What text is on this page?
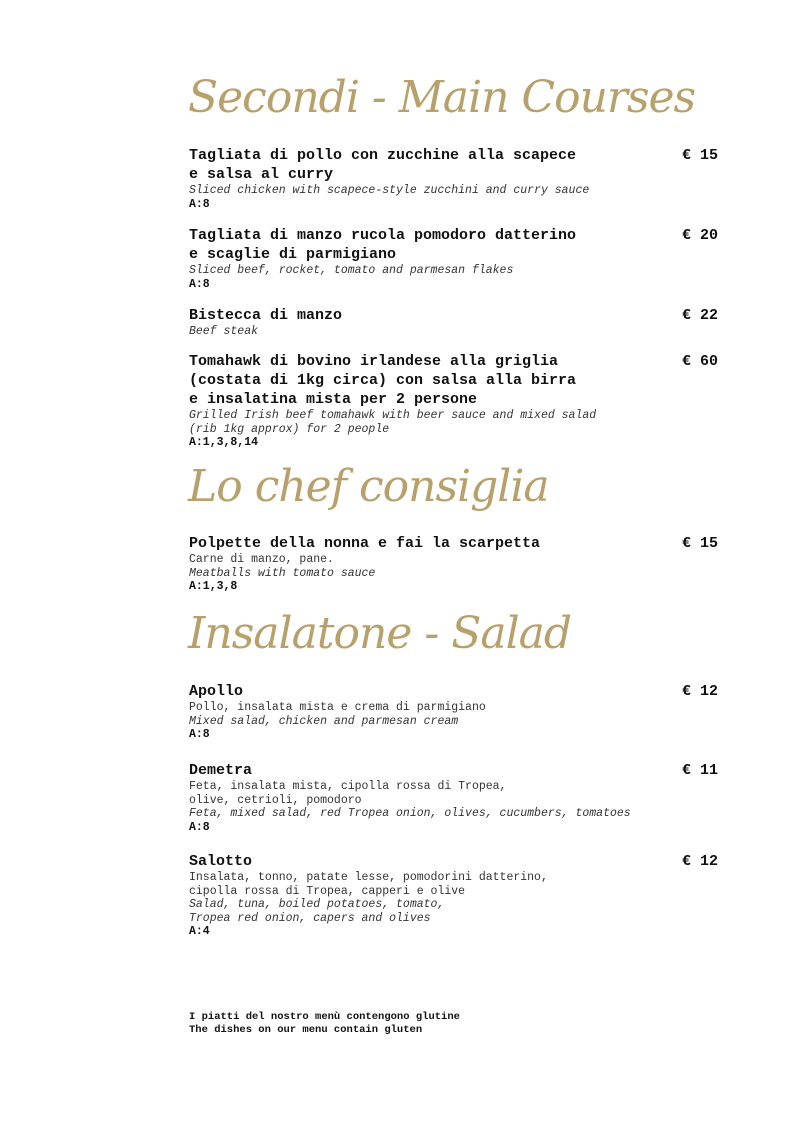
Secondi - Main Courses
Tagliata di pollo con zucchine alla scapece
e salsa al curry
€ 15
Sliced chicken with scapece-style zucchini and curry sauce
A:8
Tagliata di manzo rucola pomodoro datterino
e scaglie di parmigiano
€ 20
Sliced beef, rocket, tomato and parmesan flakes
A:8
Bistecca di manzo	€ 22
Beef steak
Tomahawk di bovino irlandese alla griglia
(costata di 1kg circa) con salsa alla birra
e insalatina mista per 2 persone
€ 60
Grilled Irish beef tomahawk with beer sauce and mixed salad
(rib 1kg approx) for 2 people
A:1,3,8,14
Lo chef consiglia
Polpette della nonna e fai la scarpetta	€ 15
Carne di manzo, pane.
Meatballs with tomato sauce
A:1,3,8
Insalatone - Salad
Apollo	€ 12
Pollo, insalata mista e crema di parmigiano
Mixed salad, chicken and parmesan cream
A:8
Demetra	€ 11
Feta, insalata mista, cipolla rossa di Tropea,
olive, cetrioli, pomodoro
Feta, mixed salad, red Tropea onion, olives, cucumbers, tomatoes
A:8
Salotto	€ 12
Insalata, tonno, patate lesse, pomodorini datterino,
cipolla rossa di Tropea, capperi e olive
Salad, tuna, boiled potatoes, tomato,
Tropea red onion, capers and olives
A:4
I piatti del nostro menù contengono glutine
The dishes on our menu contain gluten
